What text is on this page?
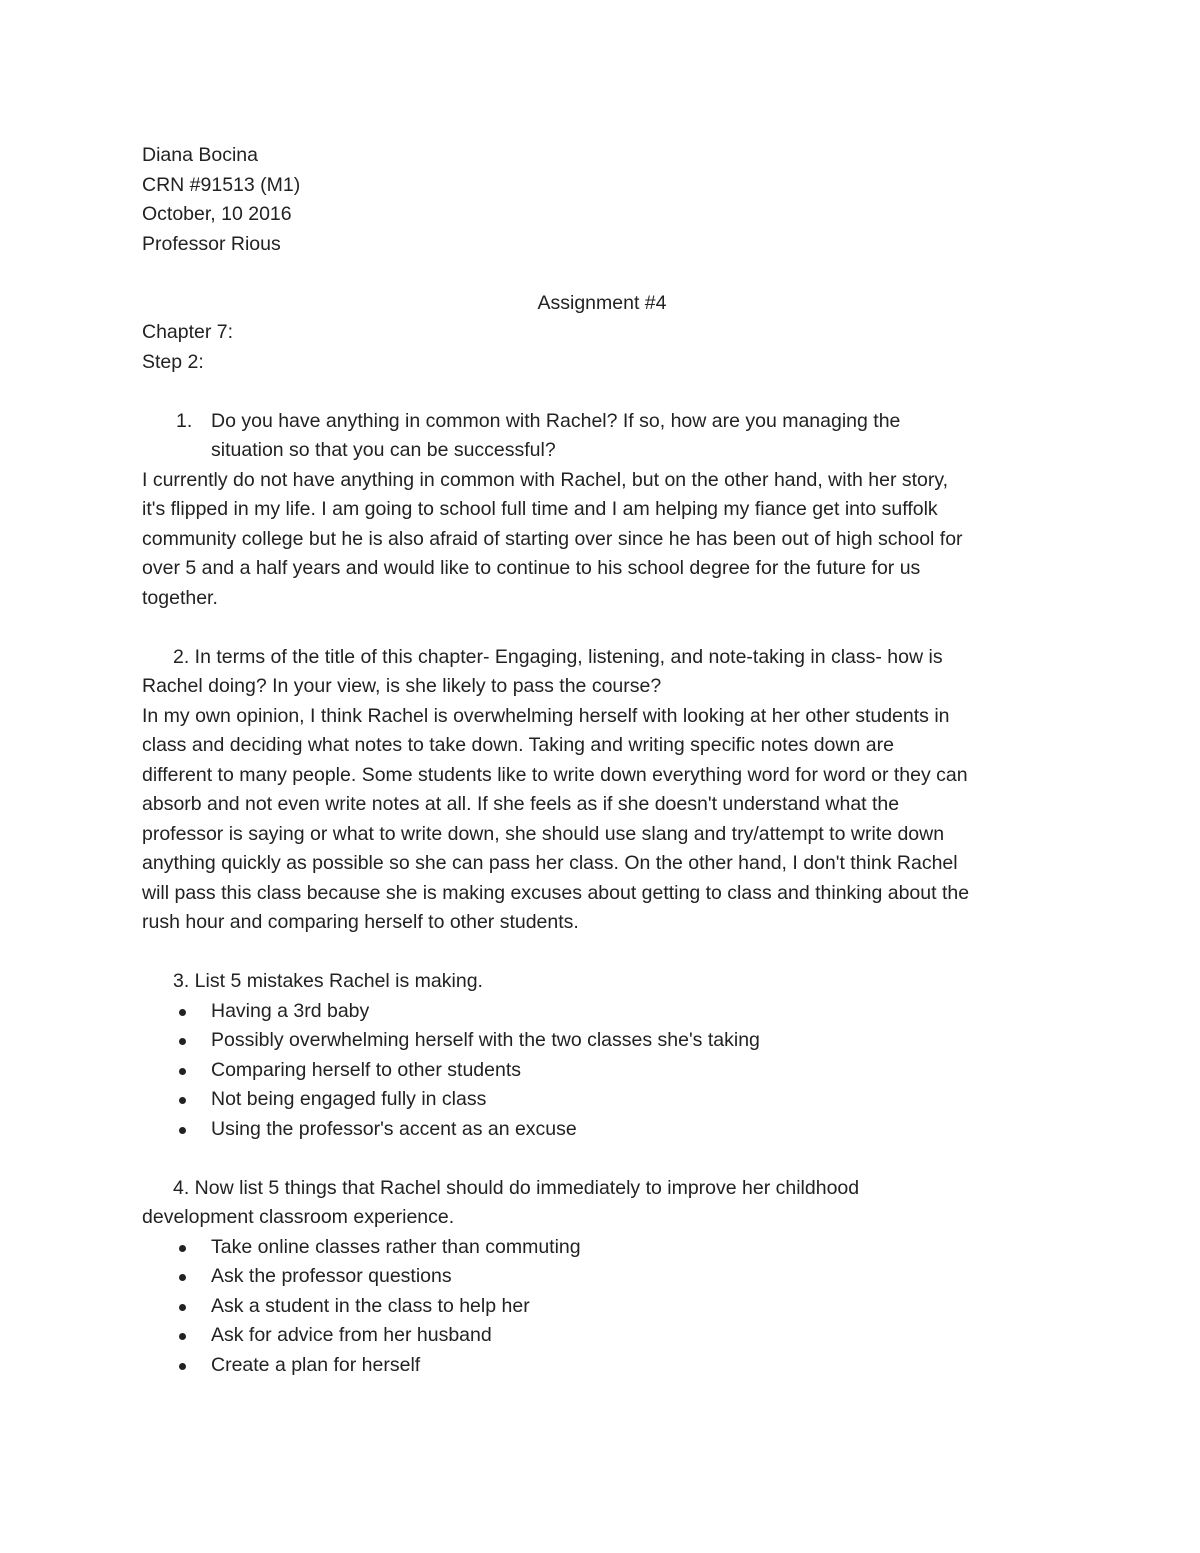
Diana Bocina
CRN #91513 (M1)
October, 10 2016
Professor Rious
Assignment #4
Chapter 7:
Step 2:
1. Do you have anything in common with Rachel? If so, how are you managing the
situation so that you can be successful?
I currently do not have anything in common with Rachel, but on the other hand, with her story,
it's flipped in my life. I am going to school full time and I am helping my fiance get into suffolk
community college but he is also afraid of starting over since he has been out of high school for
over 5 and a half years and would like to continue to his school degree for the future for us
together.
2. In terms of the title of this chapter- Engaging, listening, and note-taking in class- how is
Rachel doing? In your view, is she likely to pass the course?
In my own opinion, I think Rachel is overwhelming herself with looking at her other students in
class and deciding what notes to take down. Taking and writing specific notes down are
different to many people. Some students like to write down everything word for word or they can
absorb and not even write notes at all. If she feels as if she doesn't understand what the
professor is saying or what to write down, she should use slang and try/attempt to write down
anything quickly as possible so she can pass her class. On the other hand, I don't think Rachel
will pass this class because she is making excuses about getting to class and thinking about the
rush hour and comparing herself to other students.
3. List 5 mistakes Rachel is making.
Having a 3rd baby
Possibly overwhelming herself with the two classes she's taking
Comparing herself to other students
Not being engaged fully in class
Using the professor's accent as an excuse
4. Now list 5 things that Rachel should do immediately to improve her childhood
development classroom experience.
Take online classes rather than commuting
Ask the professor questions
Ask a student in the class to help her
Ask for advice from her husband
Create a plan for herself
